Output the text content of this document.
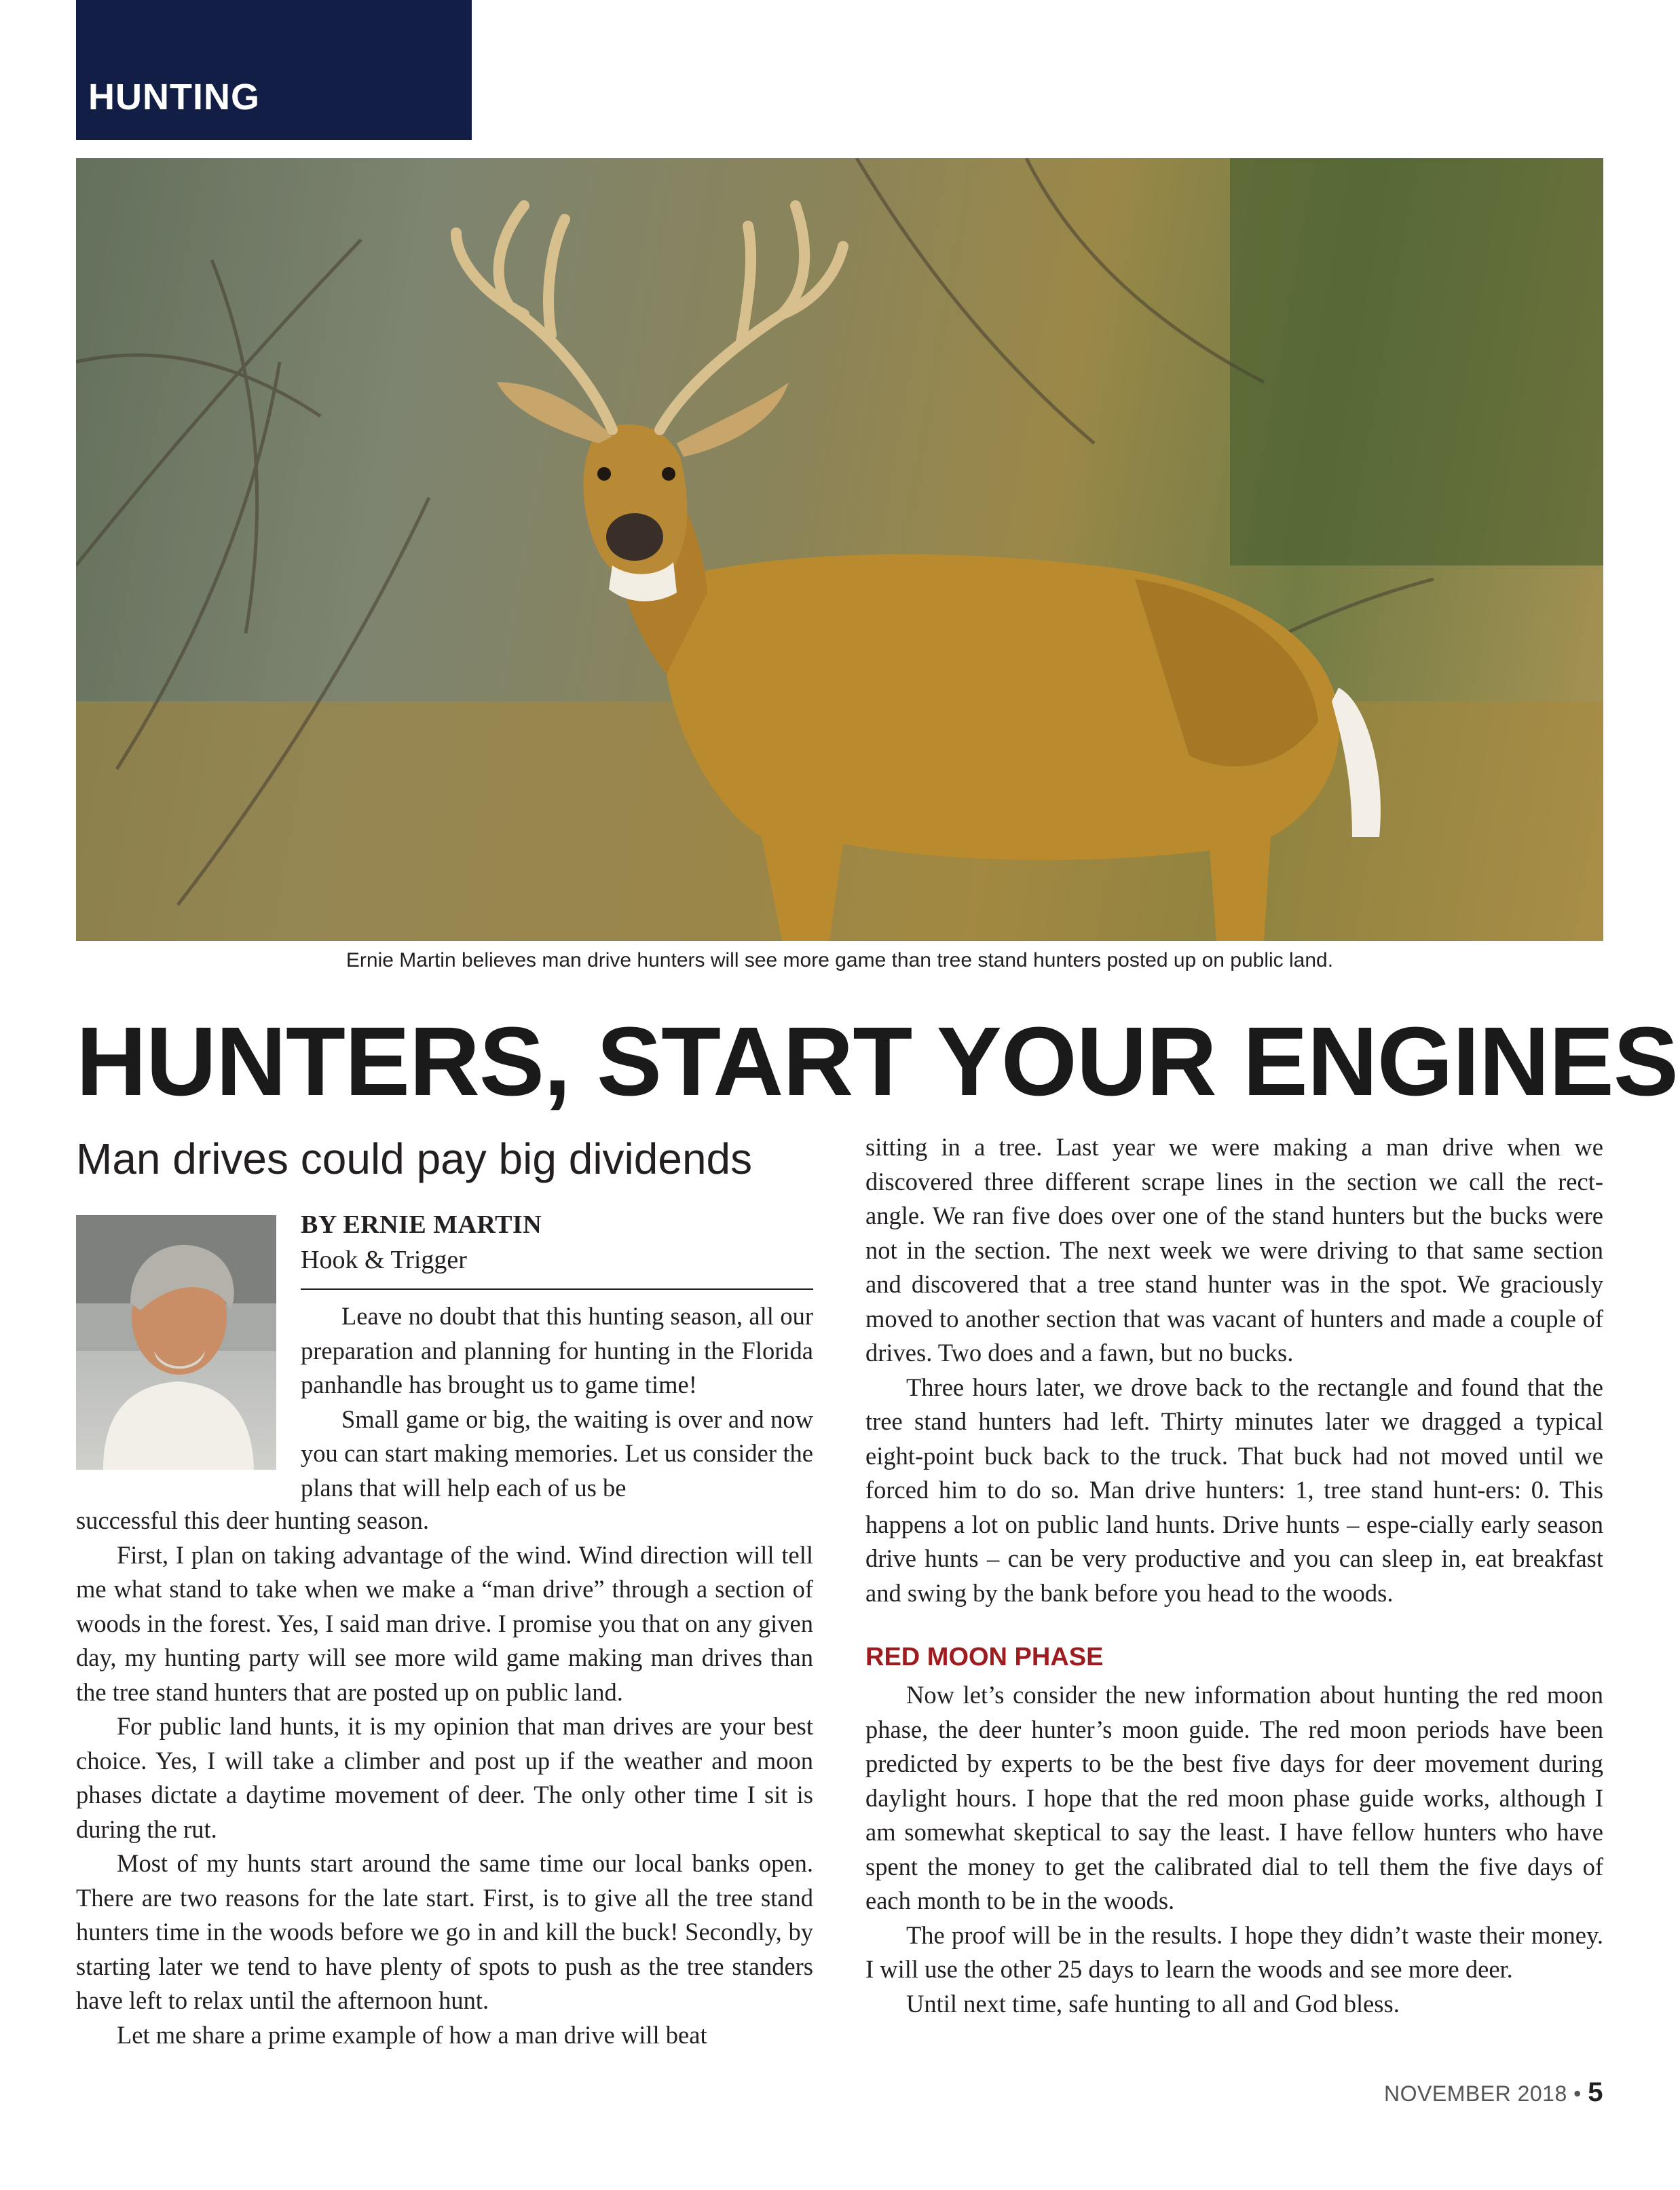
HUNTING
Ernie Martin believes man drive hunters will see more game than tree stand hunters posted up on public land.
HUNTERS, START YOUR ENGINES
Man drives could pay big dividends
BY ERNIE MARTIN
Hook & Trigger

Leave no doubt that this hunting season, all our preparation and planning for hunting in the Florida panhandle has brought us to game time!

Small game or big, the waiting is over and now you can start making memories. Let us consider the plans that will help each of us be

successful this deer hunting season.

First, I plan on taking advantage of the wind. Wind direction will tell me what stand to take when we make a “man drive” through a section of woods in the forest. Yes, I said man drive. I promise you that on any given day, my hunting party will see more wild game making man drives than the tree stand hunters that are posted up on public land.

For public land hunts, it is my opinion that man drives are your best choice. Yes, I will take a climber and post up if the weather and moon phases dictate a daytime movement of deer. The only other time I sit is during the rut.

Most of my hunts start around the same time our local banks open. There are two reasons for the late start. First, is to give all the tree stand hunters time in the woods before we go in and kill the buck! Secondly, by starting later we tend to have plenty of spots to push as the tree standers have left to relax until the afternoon hunt.

Let me share a prime example of how a man drive will beat

sitting in a tree. Last year we were making a man drive when we discovered three different scrape lines in the section we call the rect-angle. We ran five does over one of the stand hunters but the bucks were not in the section. The next week we were driving to that same section and discovered that a tree stand hunter was in the spot. We graciously moved to another section that was vacant of hunters and made a couple of drives. Two does and a fawn, but no bucks.

Three hours later, we drove back to the rectangle and found that the tree stand hunters had left. Thirty minutes later we dragged a typical eight-point buck back to the truck. That buck had not moved until we forced him to do so. Man drive hunters: 1, tree stand hunt-ers: 0. This happens a lot on public land hunts. Drive hunts – espe-cially early season drive hunts – can be very productive and you can sleep in, eat breakfast and swing by the bank before you head to the woods.

RED MOON PHASE

Now let’s consider the new information about hunting the red moon phase, the deer hunter’s moon guide. The red moon periods have been predicted by experts to be the best five days for deer movement during daylight hours. I hope that the red moon phase guide works, although I am somewhat skeptical to say the least. I have fellow hunters who have spent the money to get the calibrated dial to tell them the five days of each month to be in the woods.

The proof will be in the results. I hope they didn’t waste their money. I will use the other 25 days to learn the woods and see more deer.

Until next time, safe hunting to all and God bless.

NOVEMBER 2018 • 5
